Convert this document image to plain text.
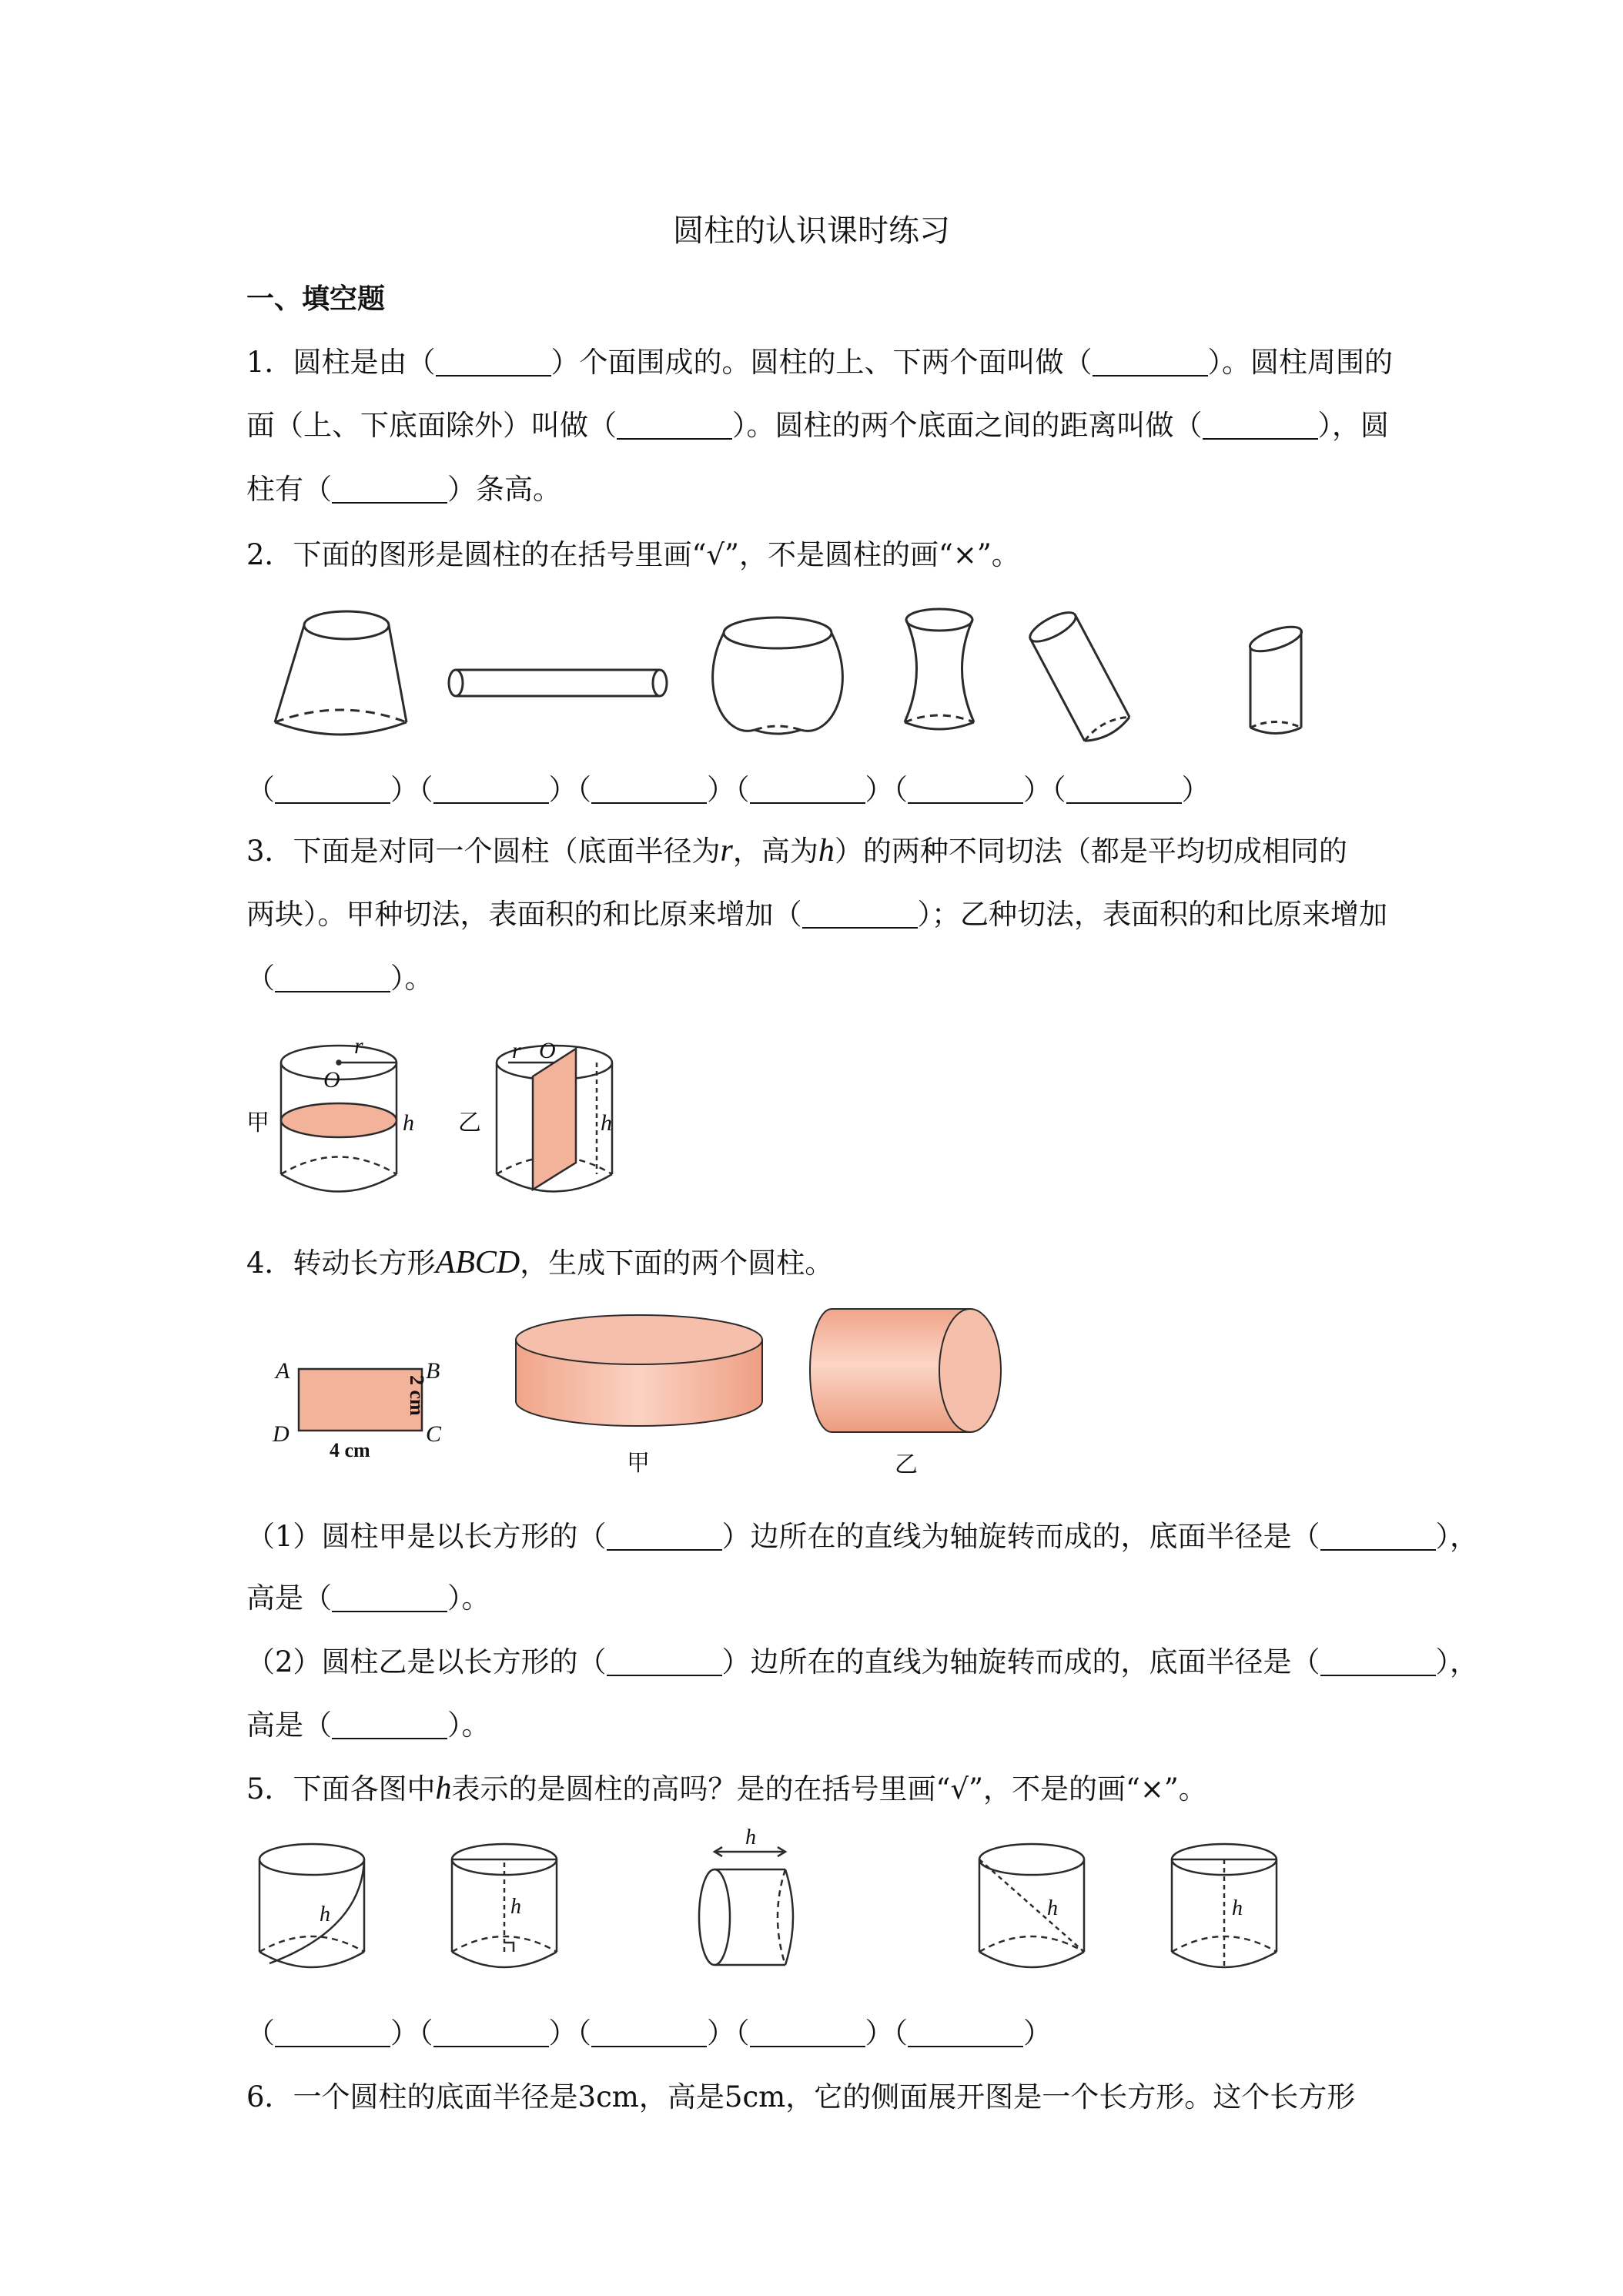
圆柱的认识课时练习
一、填空题
1．圆柱是由（	）个面围成的。圆柱的上、下两个面叫做（	）。圆柱周围的
面（上、下底面除外）叫做（	）。圆柱的两个底面之间的距离叫做（	），圆
柱有（	）条高。
2．下面的图形是圆柱的在括号里画“√”，不是圆柱的画“×”。
（	）（	）（	）（	）（	）（	）
3．下面是对同一个圆柱（底面半径为r，高为h）的两种不同切法（都是平均切成相同的
两块）。甲种切法，表面积的和比原来增加（	）；乙种切法，表面积的和比原来增加
（	）。
甲
r
O
h 乙
r O
h
4．转动长方形ABCD，生成下面的两个圆柱。
A	B
C
D
4 cm
2 cm
甲	乙
（1）圆柱甲是以长方形的（	）边所在的直线为轴旋转而成的，底面半径是（	），
高是（	）。
（2）圆柱乙是以长方形的（	）边所在的直线为轴旋转而成的，底面半径是（	），
高是（	）。
5．下面各图中h表示的是圆柱的高吗？是的在括号里画“√”，不是的画“×”。
h	h
h
h	h
（	）（	）（	）（	）（	）
6．一个圆柱的底面半径是3cm，高是5cm，它的侧面展开图是一个长方形。这个长方形
